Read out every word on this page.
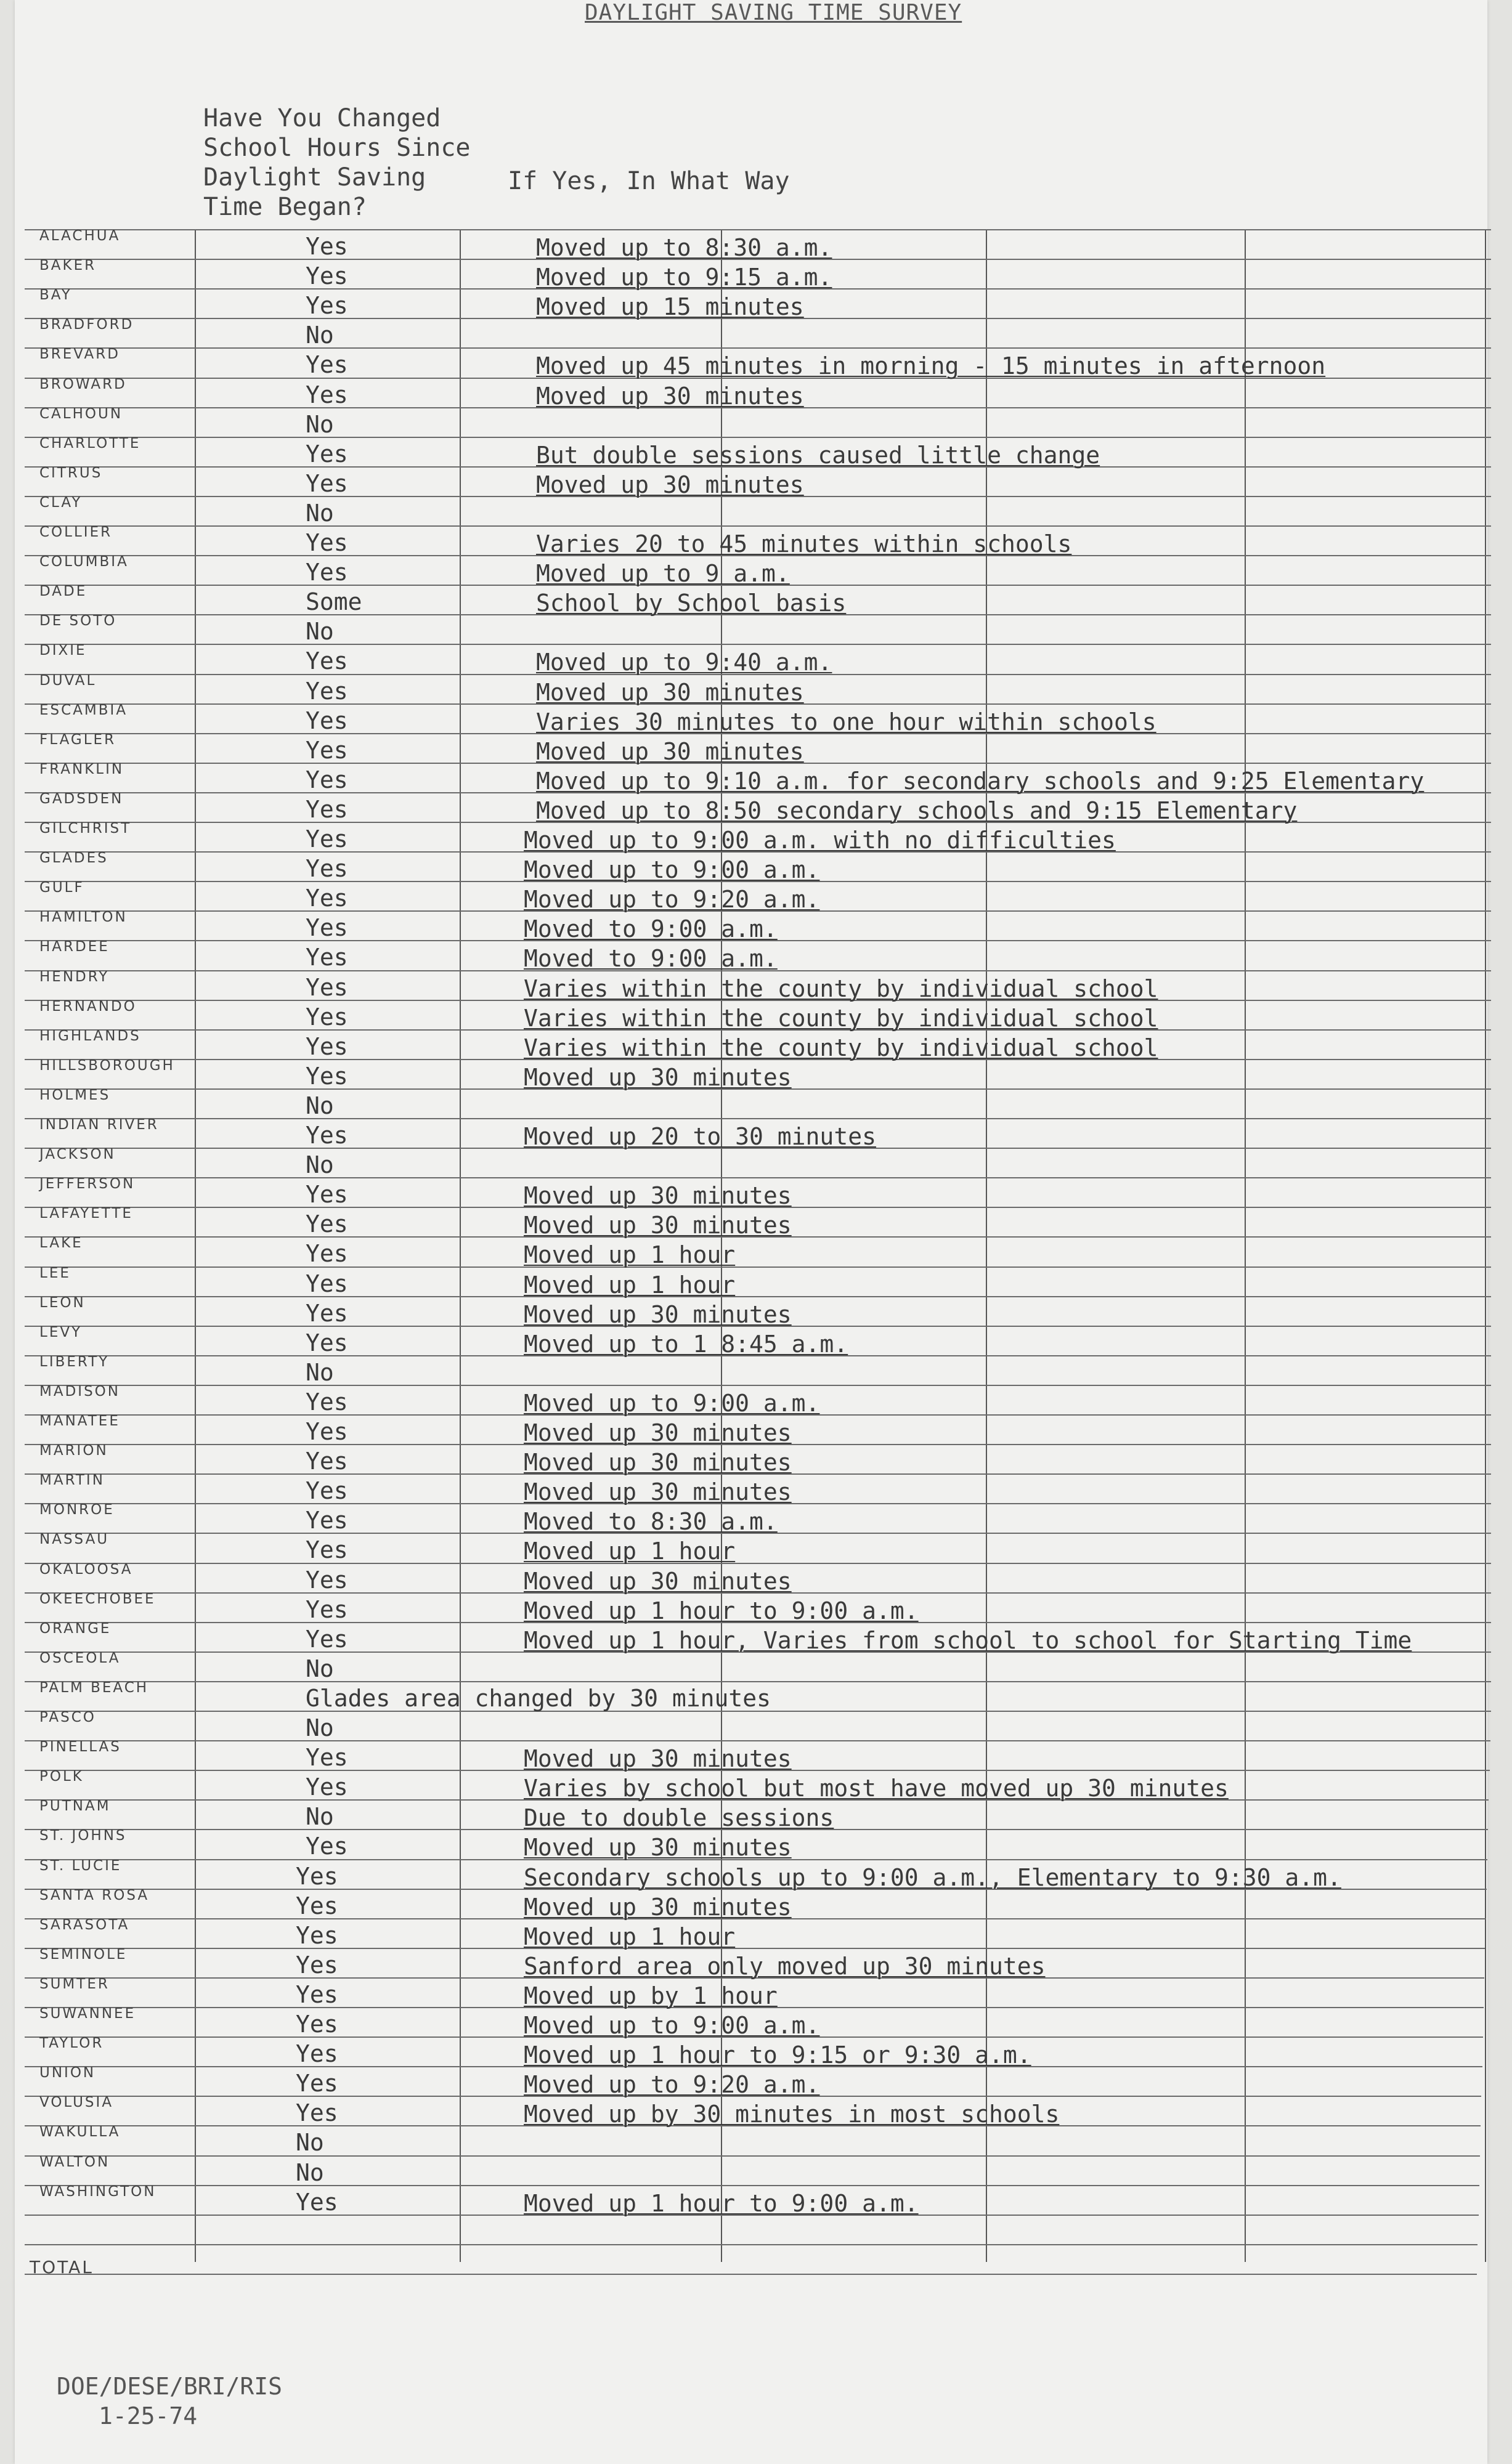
DAYLIGHT SAVING TIME SURVEY
Have You Changed
School Hours Since
Daylight Saving
Time Began?
If Yes, In What Way
ALACHUA	Yes	Moved up to 8:30 a.m.
BAKER	Yes	Moved up to 9:15 a.m.
BAY	Yes	Moved up 15 minutes
BRADFORD	No
BREVARD	Yes	Moved up 45 minutes in morning - 15 minutes in afternoon
BROWARD	Yes	Moved up 30 minutes
CALHOUN	No
CHARLOTTE	Yes	But double sessions caused little change
CITRUS	Yes	Moved up 30 minutes
CLAY	No
COLLIER	Yes	Varies 20 to 45 minutes within schools
COLUMBIA	Yes	Moved up to 9 a.m.
DADE	Some	School by School basis
DE SOTO	No
DIXIE	Yes	Moved up to 9:40 a.m.
DUVAL	Yes	Moved up 30 minutes
ESCAMBIA	Yes	Varies 30 minutes to one hour within schools
FLAGLER	Yes	Moved up 30 minutes
FRANKLIN	Yes	Moved up to 9:10 a.m. for secondary schools and 9:25 Elementary
GADSDEN	Yes	Moved up to 8:50 secondary schools and 9:15 Elementary
GILCHRIST	Yes	Moved up to 9:00 a.m. with no difficulties
GLADES	Yes	Moved up to 9:00 a.m.
GULF	Yes	Moved up to 9:20 a.m.
HAMILTON	Yes	Moved to 9:00 a.m.
HARDEE	Yes	Moved to 9:00 a.m.
HENDRY	Yes	Varies within the county by individual school
HERNANDO	Yes	Varies within the county by individual school
HIGHLANDS	Yes	Varies within the county by individual school
HILLSBOROUGH	Yes	Moved up 30 minutes
HOLMES	No
INDIAN RIVER	Yes	Moved up 20 to 30 minutes
JACKSON	No
JEFFERSON	Yes	Moved up 30 minutes
LAFAYETTE	Yes	Moved up 30 minutes
LAKE	Yes	Moved up 1 hour
LEE	Yes	Moved up 1 hour
LEON	Yes	Moved up 30 minutes
LEVY	Yes	Moved up to 1 8:45 a.m.
LIBERTY	No
MADISON	Yes	Moved up to 9:00 a.m.
MANATEE	Yes	Moved up 30 minutes
MARION	Yes	Moved up 30 minutes
MARTIN	Yes	Moved up 30 minutes
MONROE	Yes	Moved to 8:30 a.m.
NASSAU	Yes	Moved up 1 hour
OKALOOSA	Yes	Moved up 30 minutes
OKEECHOBEE	Yes	Moved up 1 hour to 9:00 a.m.
ORANGE	Yes	Moved up 1 hour, Varies from school to school for Starting Time
OSCEOLA	No
PALM BEACH	Glades area changed by 30 minutes
PASCO	No
PINELLAS	Yes	Moved up 30 minutes
POLK	Yes	Varies by school but most have moved up 30 minutes
PUTNAM	No	Due to double sessions
ST. JOHNS	Yes	Moved up 30 minutes
ST. LUCIE	Yes	Secondary schools up to 9:00 a.m., Elementary to 9:30 a.m.
SANTA ROSA	Yes	Moved up 30 minutes
SARASOTA	Yes	Moved up 1 hour
SEMINOLE	Yes	Sanford area only moved up 30 minutes
SUMTER	Yes	Moved up by 1 hour
SUWANNEE	Yes	Moved up to 9:00 a.m.
TAYLOR	Yes	Moved up 1 hour to 9:15 or 9:30 a.m.
UNION	Yes	Moved up to 9:20 a.m.
VOLUSIA	Yes	Moved up by 30 minutes in most schools
WAKULLA	No
WALTON	No
WASHINGTON	Yes	Moved up 1 hour to 9:00 a.m.
TOTAL
DOE/DESE/BRI/RIS
1-25-74
